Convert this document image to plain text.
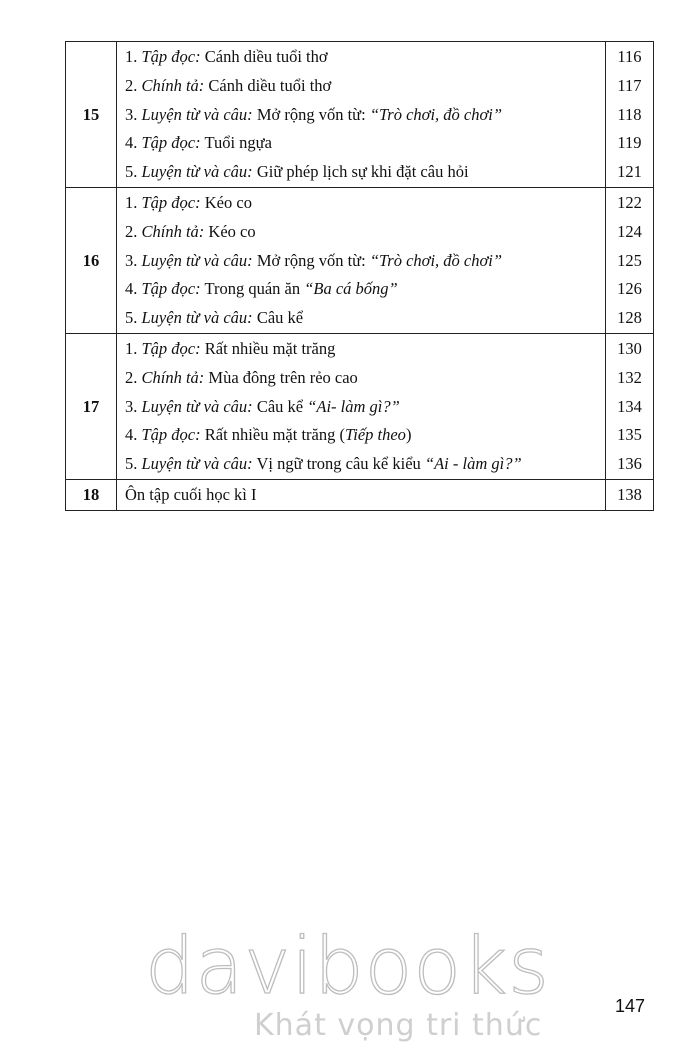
15	1. Tập đọc: Cánh diều tuổi thơ	116
	2. Chính tả: Cánh diều tuổi thơ	117
	3. Luyện từ và câu: Mở rộng vốn từ: “Trò chơi, đồ chơi”	118
	4. Tập đọc: Tuổi ngựa	119
	5. Luyện từ và câu: Giữ phép lịch sự khi đặt câu hỏi	121
16	1. Tập đọc: Kéo co	122
	2. Chính tả: Kéo co	124
	3. Luyện từ và câu: Mở rộng vốn từ: “Trò chơi, đồ chơi”	125
	4. Tập đọc: Trong quán ăn “Ba cá bống”	126
	5. Luyện từ và câu: Câu kể	128
17	1. Tập đọc: Rất nhiều mặt trăng	130
	2. Chính tả: Mùa đông trên rẻo cao	132
	3. Luyện từ và câu: Câu kể “Ai- làm gì?”	134
	4. Tập đọc: Rất nhiều mặt trăng (Tiếp theo)	135
	5. Luyện từ và câu: Vị ngữ trong câu kể kiểu “Ai - làm gì?”	136
18	Ôn tập cuối học kì I	138
147
davibooks
Khát vọng tri thức
